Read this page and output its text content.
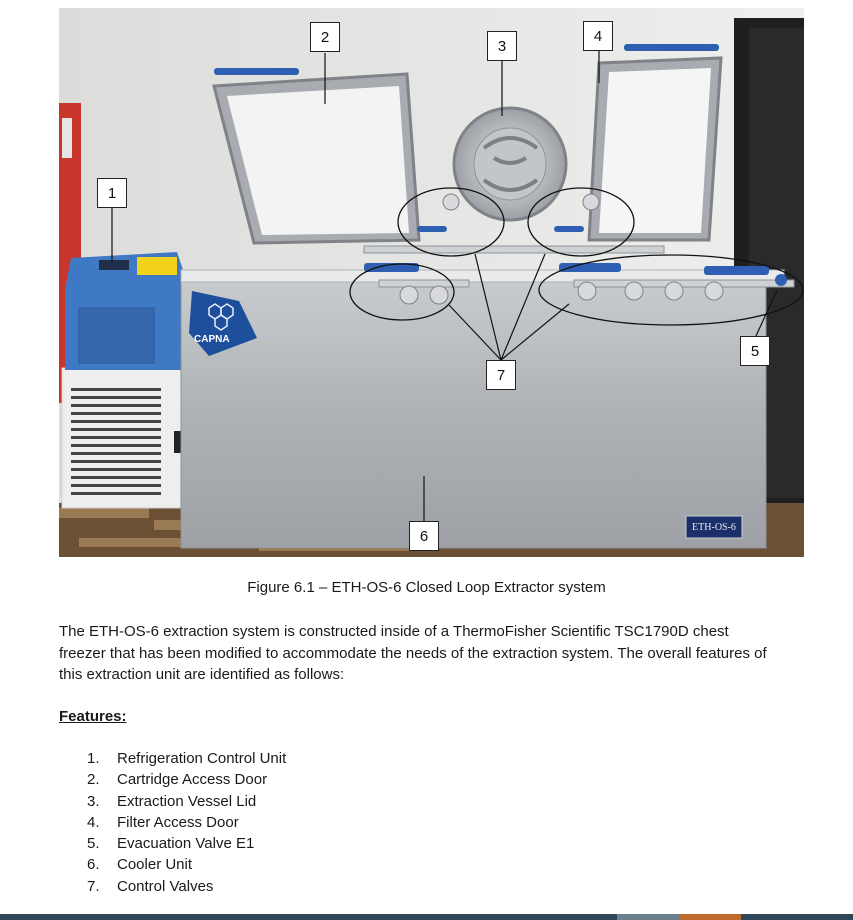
CAPNA
ETH-OS-6
1
2
3
4
5
6
7
Figure 6.1 – ETH-OS-6 Closed Loop Extractor system

The ETH-OS-6 extraction system is constructed inside of a ThermoFisher Scientific TSC1790D chest freezer that has been modified to accommodate the needs of the extraction system. The overall features of this extraction unit are identified as follows:

Features:
1.	Refrigeration Control Unit
2.	Cartridge Access Door
3.	Extraction Vessel Lid
4.	Filter Access Door
5.	Evacuation Valve E1
6.	Cooler Unit
7.	Control Valves
